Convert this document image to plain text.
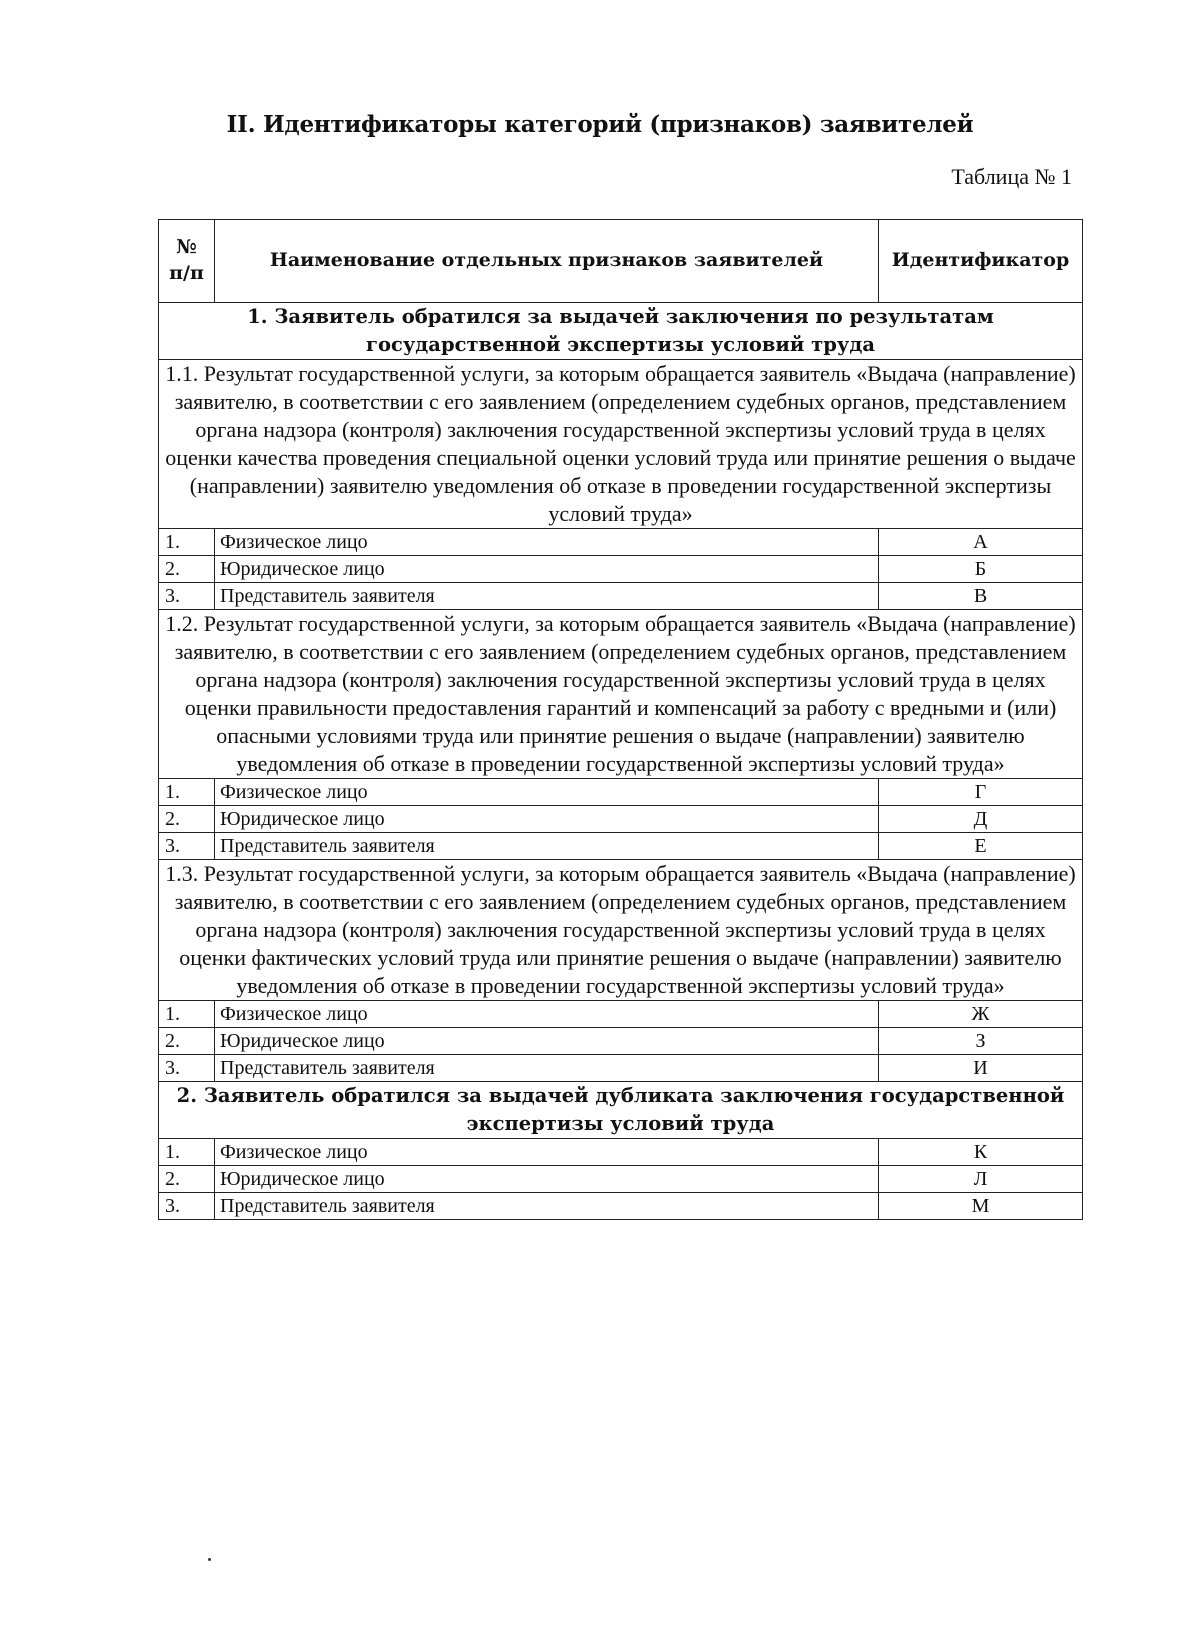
II. Идентификаторы категорий (признаков) заявителей
Таблица № 1
№ п/п	Наименование отдельных признаков заявителей	Идентификатор
1. Заявитель обратился за выдачей заключения по результатам государственной экспертизы условий труда		
1.1. Результат государственной услуги, за которым обращается заявитель «Выдача (направление) заявителю, в соответствии с его заявлением (определением судебных органов, представлением органа надзора (контроля) заключения государственной экспертизы условий труда в целях оценки качества проведения специальной оценки условий труда или принятие решения о выдаче (направлении) заявителю уведомления об отказе в проведении государственной экспертизы условий труда»		
1.	Физическое лицо	А
2.	Юридическое лицо	Б
3.	Представитель заявителя	В
1.2. Результат государственной услуги, за которым обращается заявитель «Выдача (направление) заявителю, в соответствии с его заявлением (определением судебных органов, представлением органа надзора (контроля) заключения государственной экспертизы условий труда в целях оценки правильности предоставления гарантий и компенсаций за работу с вредными и (или) опасными условиями труда или принятие решения о выдаче (направлении) заявителю уведомления об отказе в проведении государственной экспертизы условий труда»		
1.	Физическое лицо	Г
2.	Юридическое лицо	Д
3.	Представитель заявителя	Е
1.3. Результат государственной услуги, за которым обращается заявитель «Выдача (направление) заявителю, в соответствии с его заявлением (определением судебных органов, представлением органа надзора (контроля) заключения государственной экспертизы условий труда в целях оценки фактических условий труда или принятие решения о выдаче (направлении) заявителю уведомления об отказе в проведении государственной экспертизы условий труда»		
1.	Физическое лицо	Ж
2.	Юридическое лицо	З
3.	Представитель заявителя	И
2. Заявитель обратился за выдачей дубликата заключения государственной экспертизы условий труда		
1.	Физическое лицо	К
2.	Юридическое лицо	Л
3.	Представитель заявителя	М
